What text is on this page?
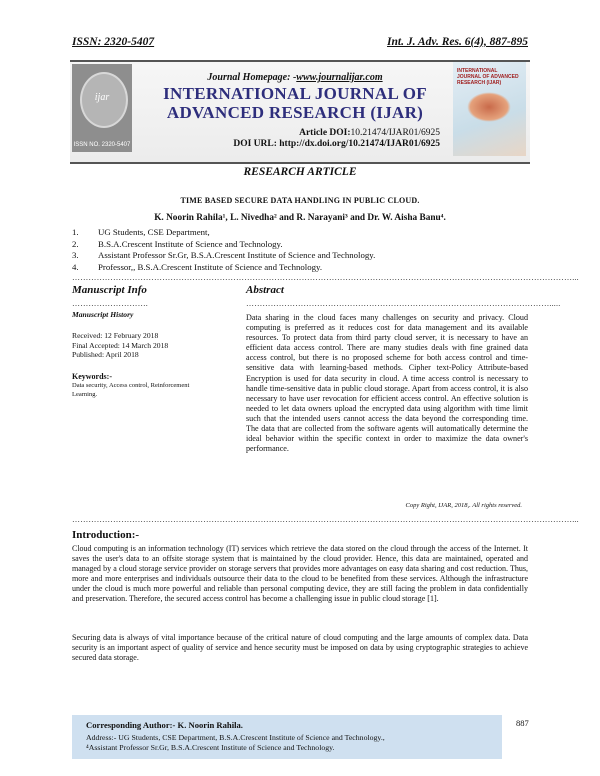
ISSN: 2320-5407	Int. J. Adv. Res. 6(4), 887-895
ijar
ISSN NO. 2320-5407
Journal Homepage: -www.journalijar.com
INTERNATIONAL JOURNAL OF ADVANCED RESEARCH (IJAR)
Article DOI:10.21474/IJAR01/6925
DOI URL: http://dx.doi.org/10.21474/IJAR01/6925
INTERNATIONAL JOURNAL OF ADVANCED RESEARCH (IJAR)
RESEARCH ARTICLE
TIME BASED SECURE DATA HANDLING IN PUBLIC CLOUD.
K. Noorin Rahila¹, L. Nivedha² and R. Narayani³ and Dr. W. Aisha Banu⁴.
1. UG Students, CSE Department,
2. B.S.A.Crescent Institute of Science and Technology.
3. Assistant Professor Sr.Gr, B.S.A.Crescent Institute of Science and Technology.
4. Professor,, B.S.A.Crescent Institute of Science and Technology.
…………………………………………………………………………………………………………………………………………………………………...
Manuscript Info
……………………….
Manuscript History
Received: 12 February 2018
Final Accepted: 14 March 2018
Published: April 2018
Keywords:-
Data security, Access control, Reinforcement Learning.
Abstract
………………………………………………………………………………………………….....
Data sharing in the cloud faces many challenges on security and privacy. Cloud computing is preferred as it reduces cost for data management and its available resources. To protect data from third party cloud server, it is necessary to have an efficient data access control. There are many studies deals with fine grained data access control, but there is no proposed scheme for both access control and time-sensitive data with learning-based methods. Cipher text-Policy Attribute-based Encryption is used for data security in cloud. A time access control is necessary to handle time-sensitive data in public cloud storage. Apart from access control, it is also necessary to have user revocation for efficient access control. An effective solution is needed to let data owners upload the encrypted data using algorithm with time limit such that the intended users cannot access the data beyond the corresponding time. The data that are collected from the software agents will automatically determine the ideal behavior within the specific context in order to maximize the data owner's performance.
Copy Right, IJAR, 2018,. All rights reserved.
…………………………………………………………………………………………………………………………………………………………………...
Introduction:-
Cloud computing is an information technology (IT) services which retrieve the data stored on the cloud through the access of the Internet. It saves the user's data to an offsite storage system that is maintained by the cloud provider. Hence, this data are maintained, operated and managed by a cloud storage service provider on storage servers that provides more advantages on easy data sharing and cost reduction. Thus, more and more enterprises and individuals outsource their data to the cloud to be benefited from these services. Although the infrastructure under the cloud is much more powerful and reliable than personal computing device, they are still facing the problem in data confidentially and preservation. Therefore, the secured access control has become a challenging issue in public cloud storage [1].
Securing data is always of vital importance because of the critical nature of cloud computing and the large amounts of complex data. Data security is an important aspect of quality of service and hence security must be imposed on data by using cryptographic strategies to achieve secured data storage.
Corresponding Author:- K. Noorin Rahila.
Address:- UG Students, CSE Department, B.S.A.Crescent Institute of Science and Technology.,
⁴Assistant Professor Sr.Gr, B.S.A.Crescent Institute of Science and Technology.
887
